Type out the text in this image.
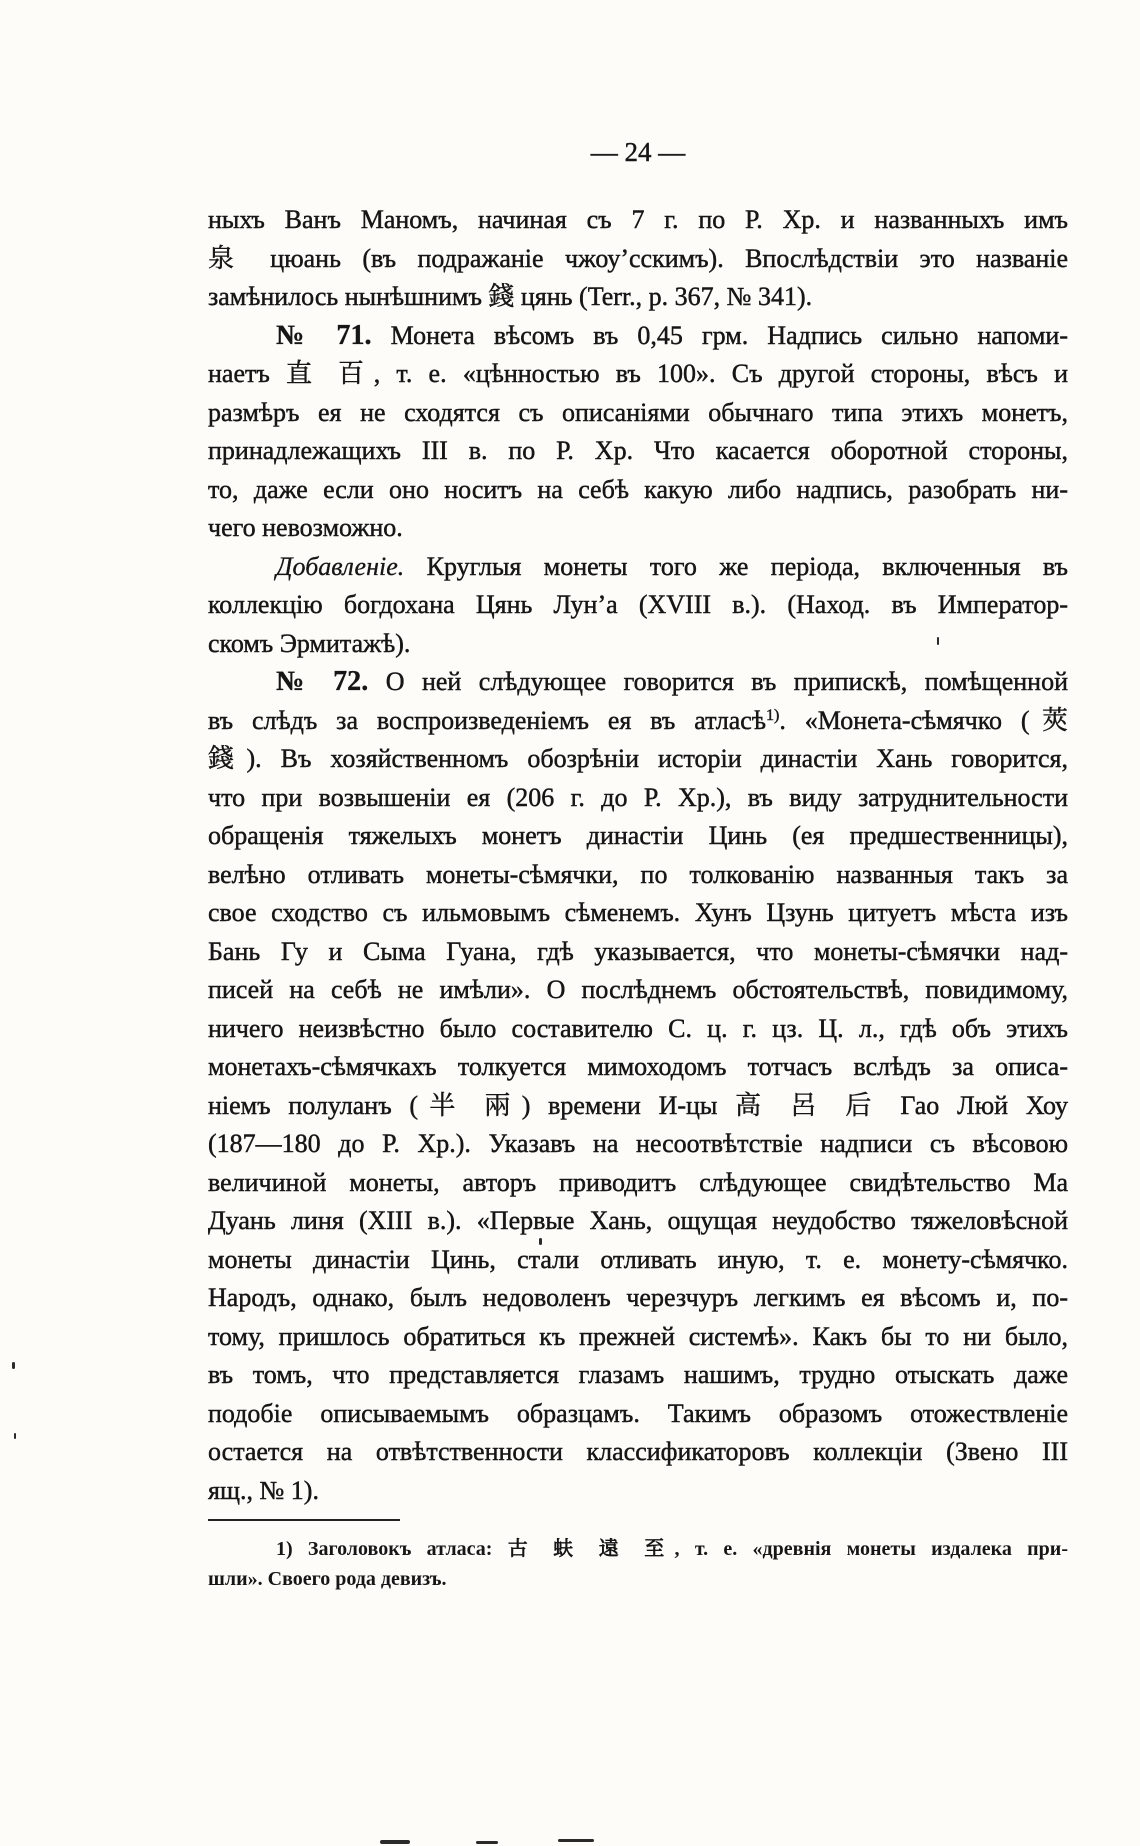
— 24 —
ныхъ Ванъ Маномъ, начиная съ 7 г. по Р. Хр. и названныхъ имъ
泉 цюань (въ подражаніе чжоу’сскимъ). Впослѣдствіи это названіе
замѣнилось нынѣшнимъ 錢 цянь (Terr., p. 367, № 341).
№ 71. Монета вѣсомъ въ 0,45 грм. Надпись сильно напоми-
наетъ 直 百, т. е. «цѣнностью въ 100». Съ другой стороны, вѣсъ и
размѣръ ея не сходятся съ описаніями обычнаго типа этихъ монетъ,
принадлежащихъ III в. по Р. Хр. Что касается оборотной стороны,
то, даже если оно носитъ на себѣ какую либо надпись, разобрать ни-
чего невозможно.
Добавленіе. Круглыя монеты того же періода, включенныя въ
коллекцію богдохана Цянь Лун’а (XVIII в.). (Наход. въ Император-
скомъ Эрмитажѣ).
№ 72. О ней слѣдующее говорится въ припискѣ, помѣщенной
въ слѣдъ за воспроизведеніемъ ея въ атласѣ$^{1)}$. «Монета-сѣмячко (莢
錢). Въ хозяйственномъ обозрѣніи исторіи династіи Хань говорится,
что при возвышеніи ея (206 г. до Р. Хр.), въ виду затруднительности
обращенія тяжелыхъ монетъ династіи Цинь (ея предшественницы),
велѣно отливать монеты-сѣмячки, по толкованію названныя такъ за
свое сходство съ ильмовымъ сѣменемъ. Хунъ Цзунь цитуетъ мѣста изъ
Бань Гу и Сыма Гуана, гдѣ указывается, что монеты-сѣмячки над-
писей на себѣ не имѣли». О послѣднемъ обстоятельствѣ, повидимому,
ничего неизвѣстно было составителю С. ц. г. цз. Ц. л., гдѣ объ этихъ
монетахъ-сѣмячкахъ толкуется мимоходомъ тотчасъ вслѣдъ за описа-
ніемъ полуланъ (半 兩) времени И-цы 高 呂 后 Гао Люй Хоу
(187—180 до Р. Хр.). Указавъ на несоотвѣтствіе надписи съ вѣсовою
величиной монеты, авторъ приводитъ слѣдующее свидѣтельство Ма
Дуань линя (XIII в.). «Первые Хань, ощущая неудобство тяжеловѣсной
монеты династіи Цинь, стали отливать иную, т. е. монету-сѣмячко.
Народъ, однако, былъ недоволенъ черезчуръ легкимъ ея вѣсомъ и, по-
тому, пришлось обратиться къ прежней системѣ». Какъ бы то ни было,
въ томъ, что представляется глазамъ нашимъ, трудно отыскать даже
подобіе описываемымъ образцамъ. Такимъ образомъ отожествленіе
остается на отвѣтственности классификаторовъ коллекціи (Звено III
ящ., № 1).
1) Заголовокъ атласа: 古 蚨 遠 至, т. е. «древнія монеты издалека при-
шли». Своего рода девизъ.
